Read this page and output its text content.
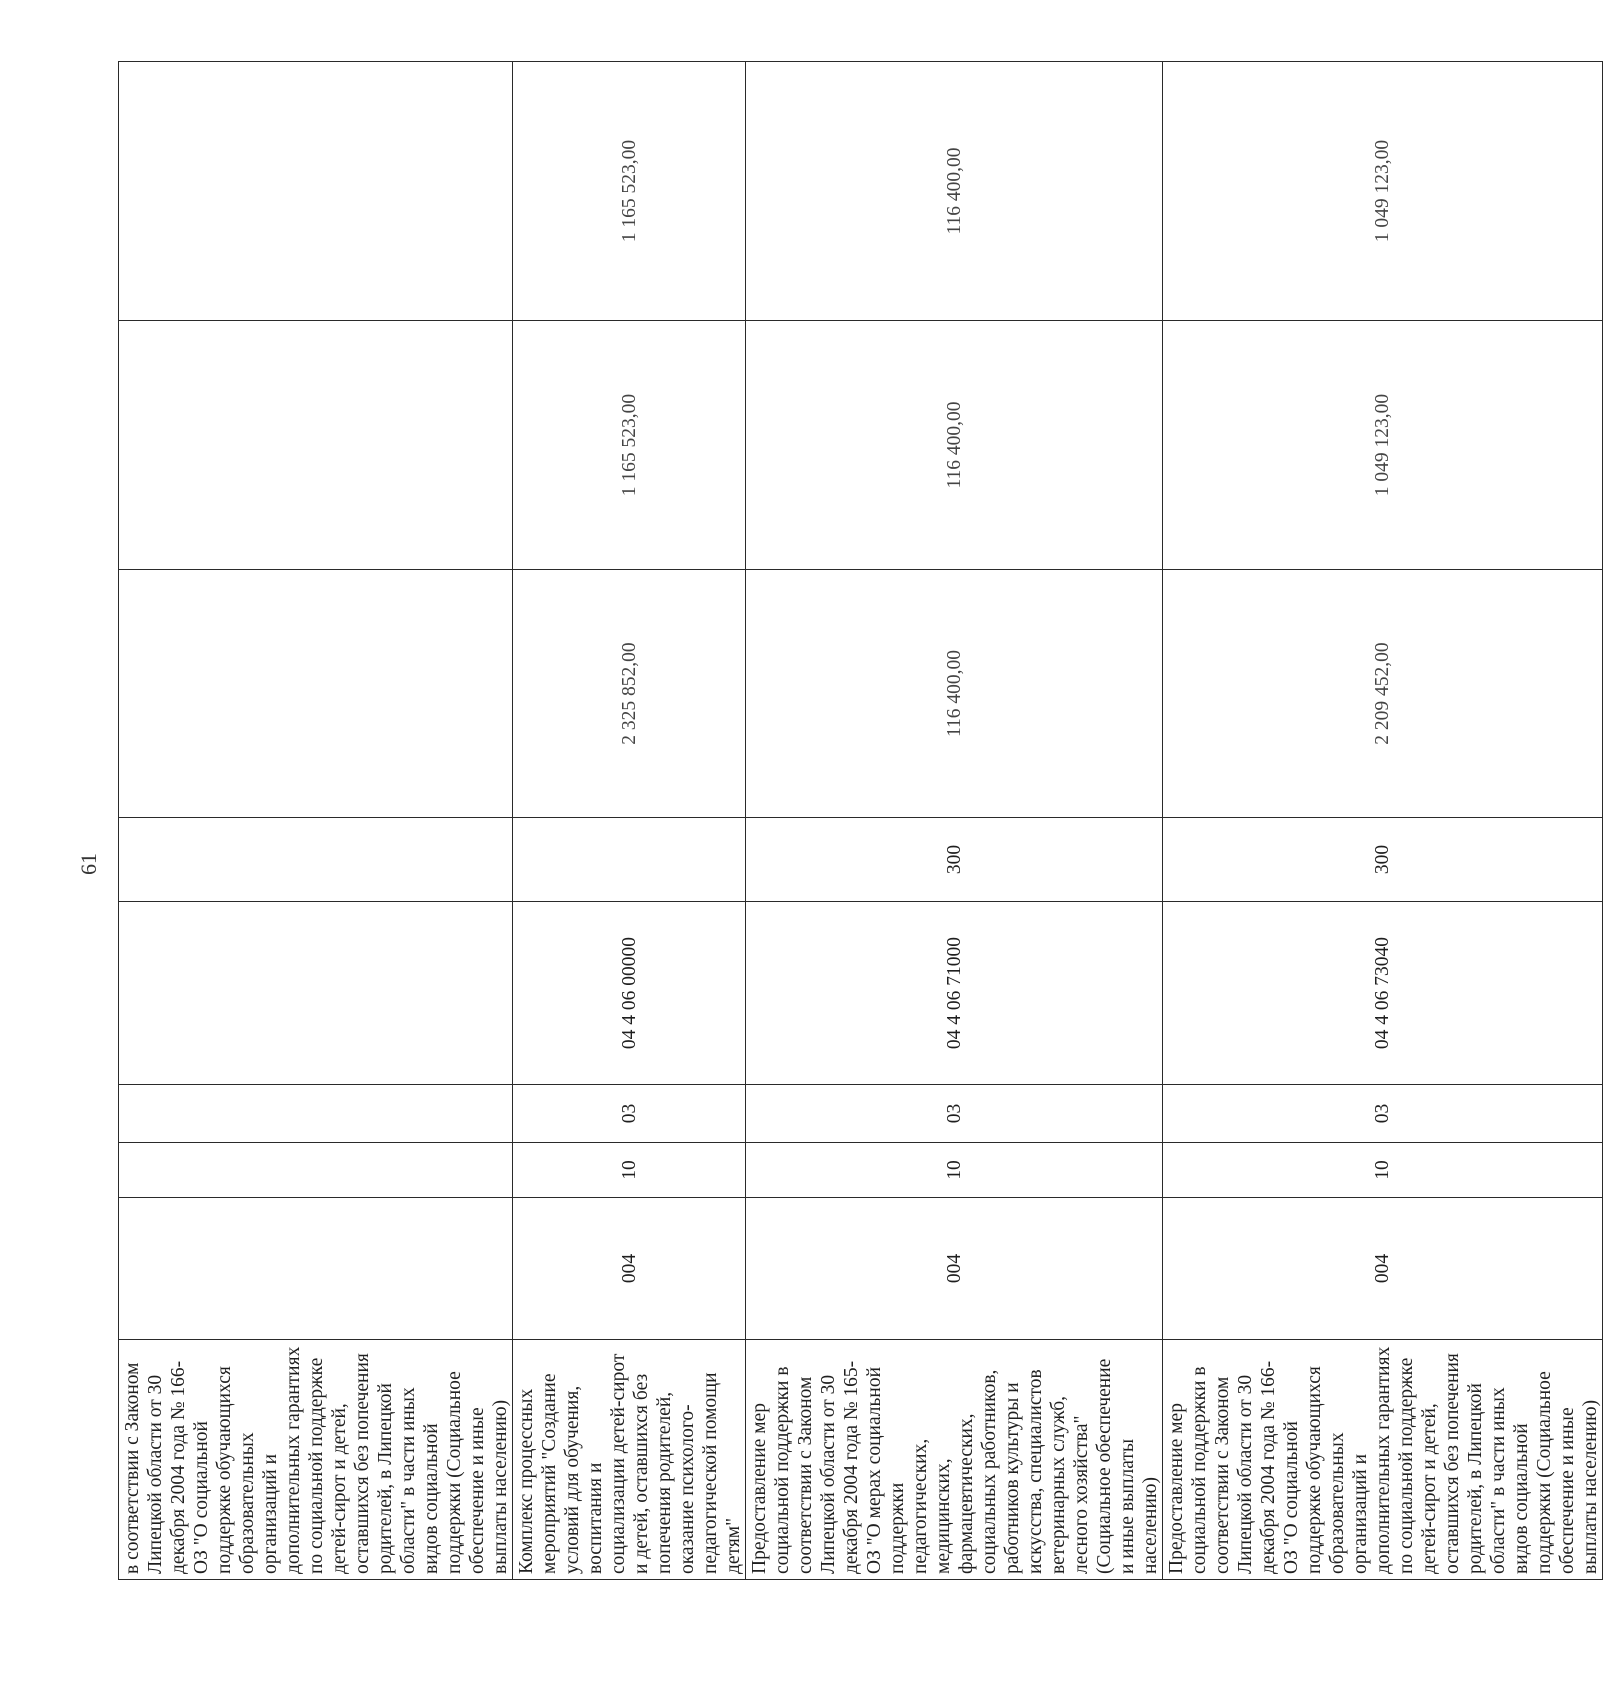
61
в соответствии с Законом Липецкой области от 30 декабря 2004 года № 166-ОЗ "О социальной поддержке обучающихся образовательных организаций и дополнительных гарантиях по социальной поддержке детей-сирот и детей, оставшихся без попечения родителей, в Липецкой области" в части иных видов социальной поддержки (Социальное обеспечение и иные выплаты населению)								
Комплекс процессных мероприятий "Создание условий для обучения, воспитания и социализации детей-сирот и детей, оставшихся без попечения родителей, оказание психолого-педагогической помощи детям"	004	10	03	04 4 06 00000		2 325 852,00	1 165 523,00	1 165 523,00
Предоставление мер социальной поддержки в соответствии с Законом Липецкой области от 30 декабря 2004 года № 165-ОЗ "О мерах социальной поддержки педагогических, медицинских, фармацевтических, социальных работников, работников культуры и искусства, специалистов ветеринарных служб, лесного хозяйства" (Социальное обеспечение и иные выплаты населению)	004	10	03	04 4 06 71000	300	116 400,00	116 400,00	116 400,00
Предоставление мер социальной поддержки в соответствии с Законом Липецкой области от 30 декабря 2004 года № 166-ОЗ "О социальной поддержке обучающихся образовательных организаций и дополнительных гарантиях по социальной поддержке детей-сирот и детей, оставшихся без попечения родителей, в Липецкой области" в части иных видов социальной поддержки (Социальное обеспечение и иные выплаты населению)	004	10	03	04 4 06 73040	300	2 209 452,00	1 049 123,00	1 049 123,00
